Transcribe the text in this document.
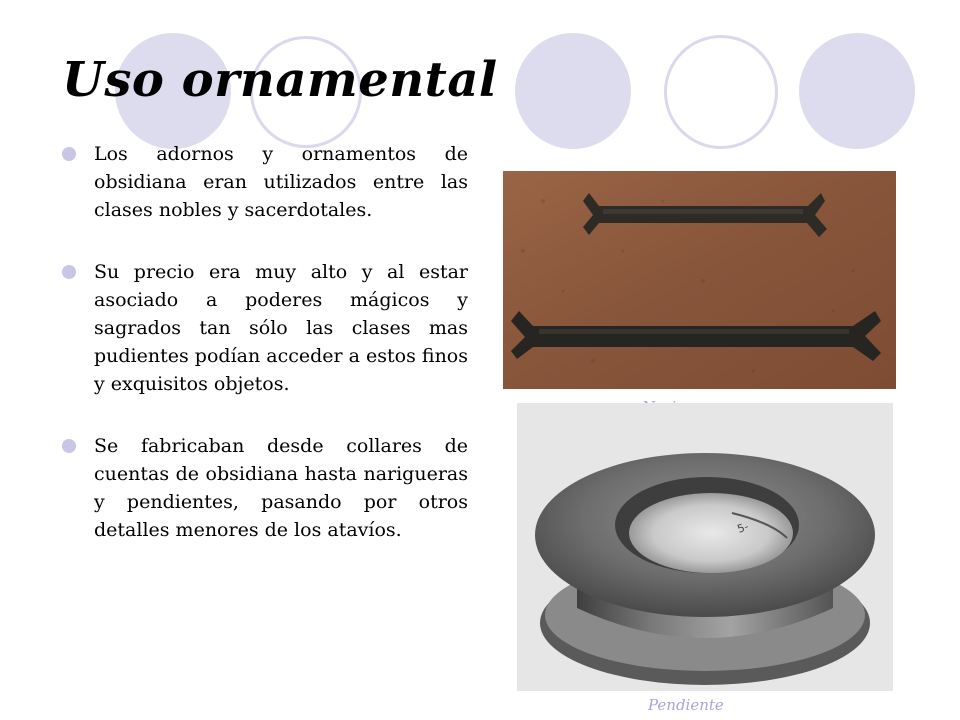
Uso ornamental
Los adornos y ornamentos de obsidiana eran utilizados entre las clases nobles y sacerdotales.
Su precio era muy alto y al estar asociado a poderes mágicos y sagrados tan sólo las clases mas pudientes podían acceder a estos finos y exquisitos objetos.
Se fabricaban desde collares de cuentas de obsidiana hasta narigueras y pendientes, pasando por otros detalles menores de los atavíos.	5-
Pendiente
